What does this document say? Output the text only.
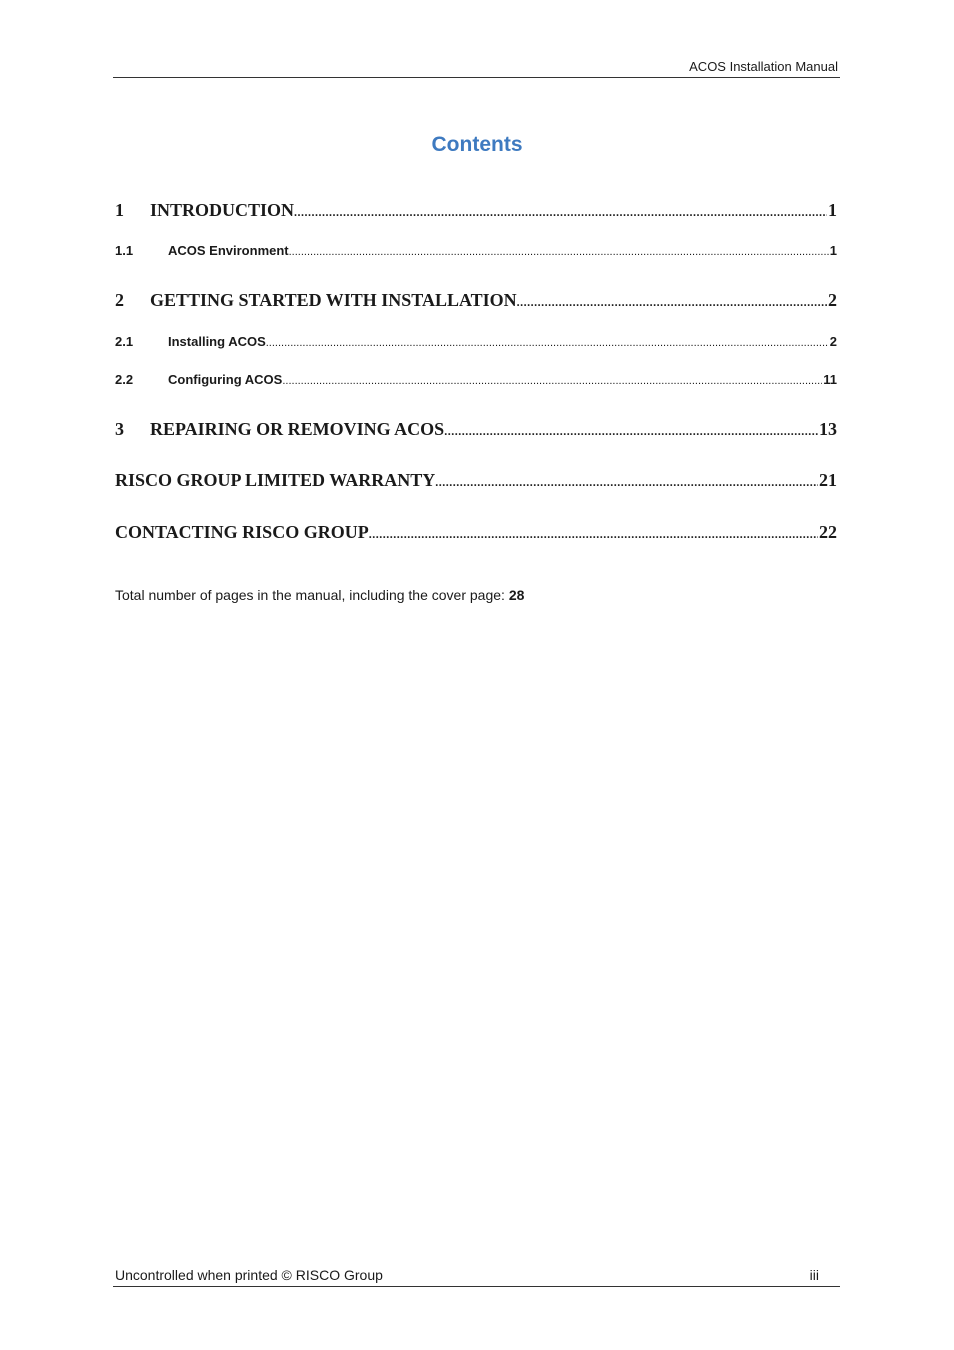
ACOS Installation Manual
Contents
1	INTRODUCTION .....	1
1.1	ACOS Environment .....	1
2	GETTING STARTED WITH INSTALLATION .....	2
2.1	Installing ACOS .....	2
2.2	Configuring ACOS .....	11
3	REPAIRING OR REMOVING ACOS .....	13
RISCO GROUP LIMITED WARRANTY .....	21
CONTACTING RISCO GROUP .....	22
Total number of pages in the manual, including the cover page: 28
Uncontrolled when printed © RISCO Group	iii
